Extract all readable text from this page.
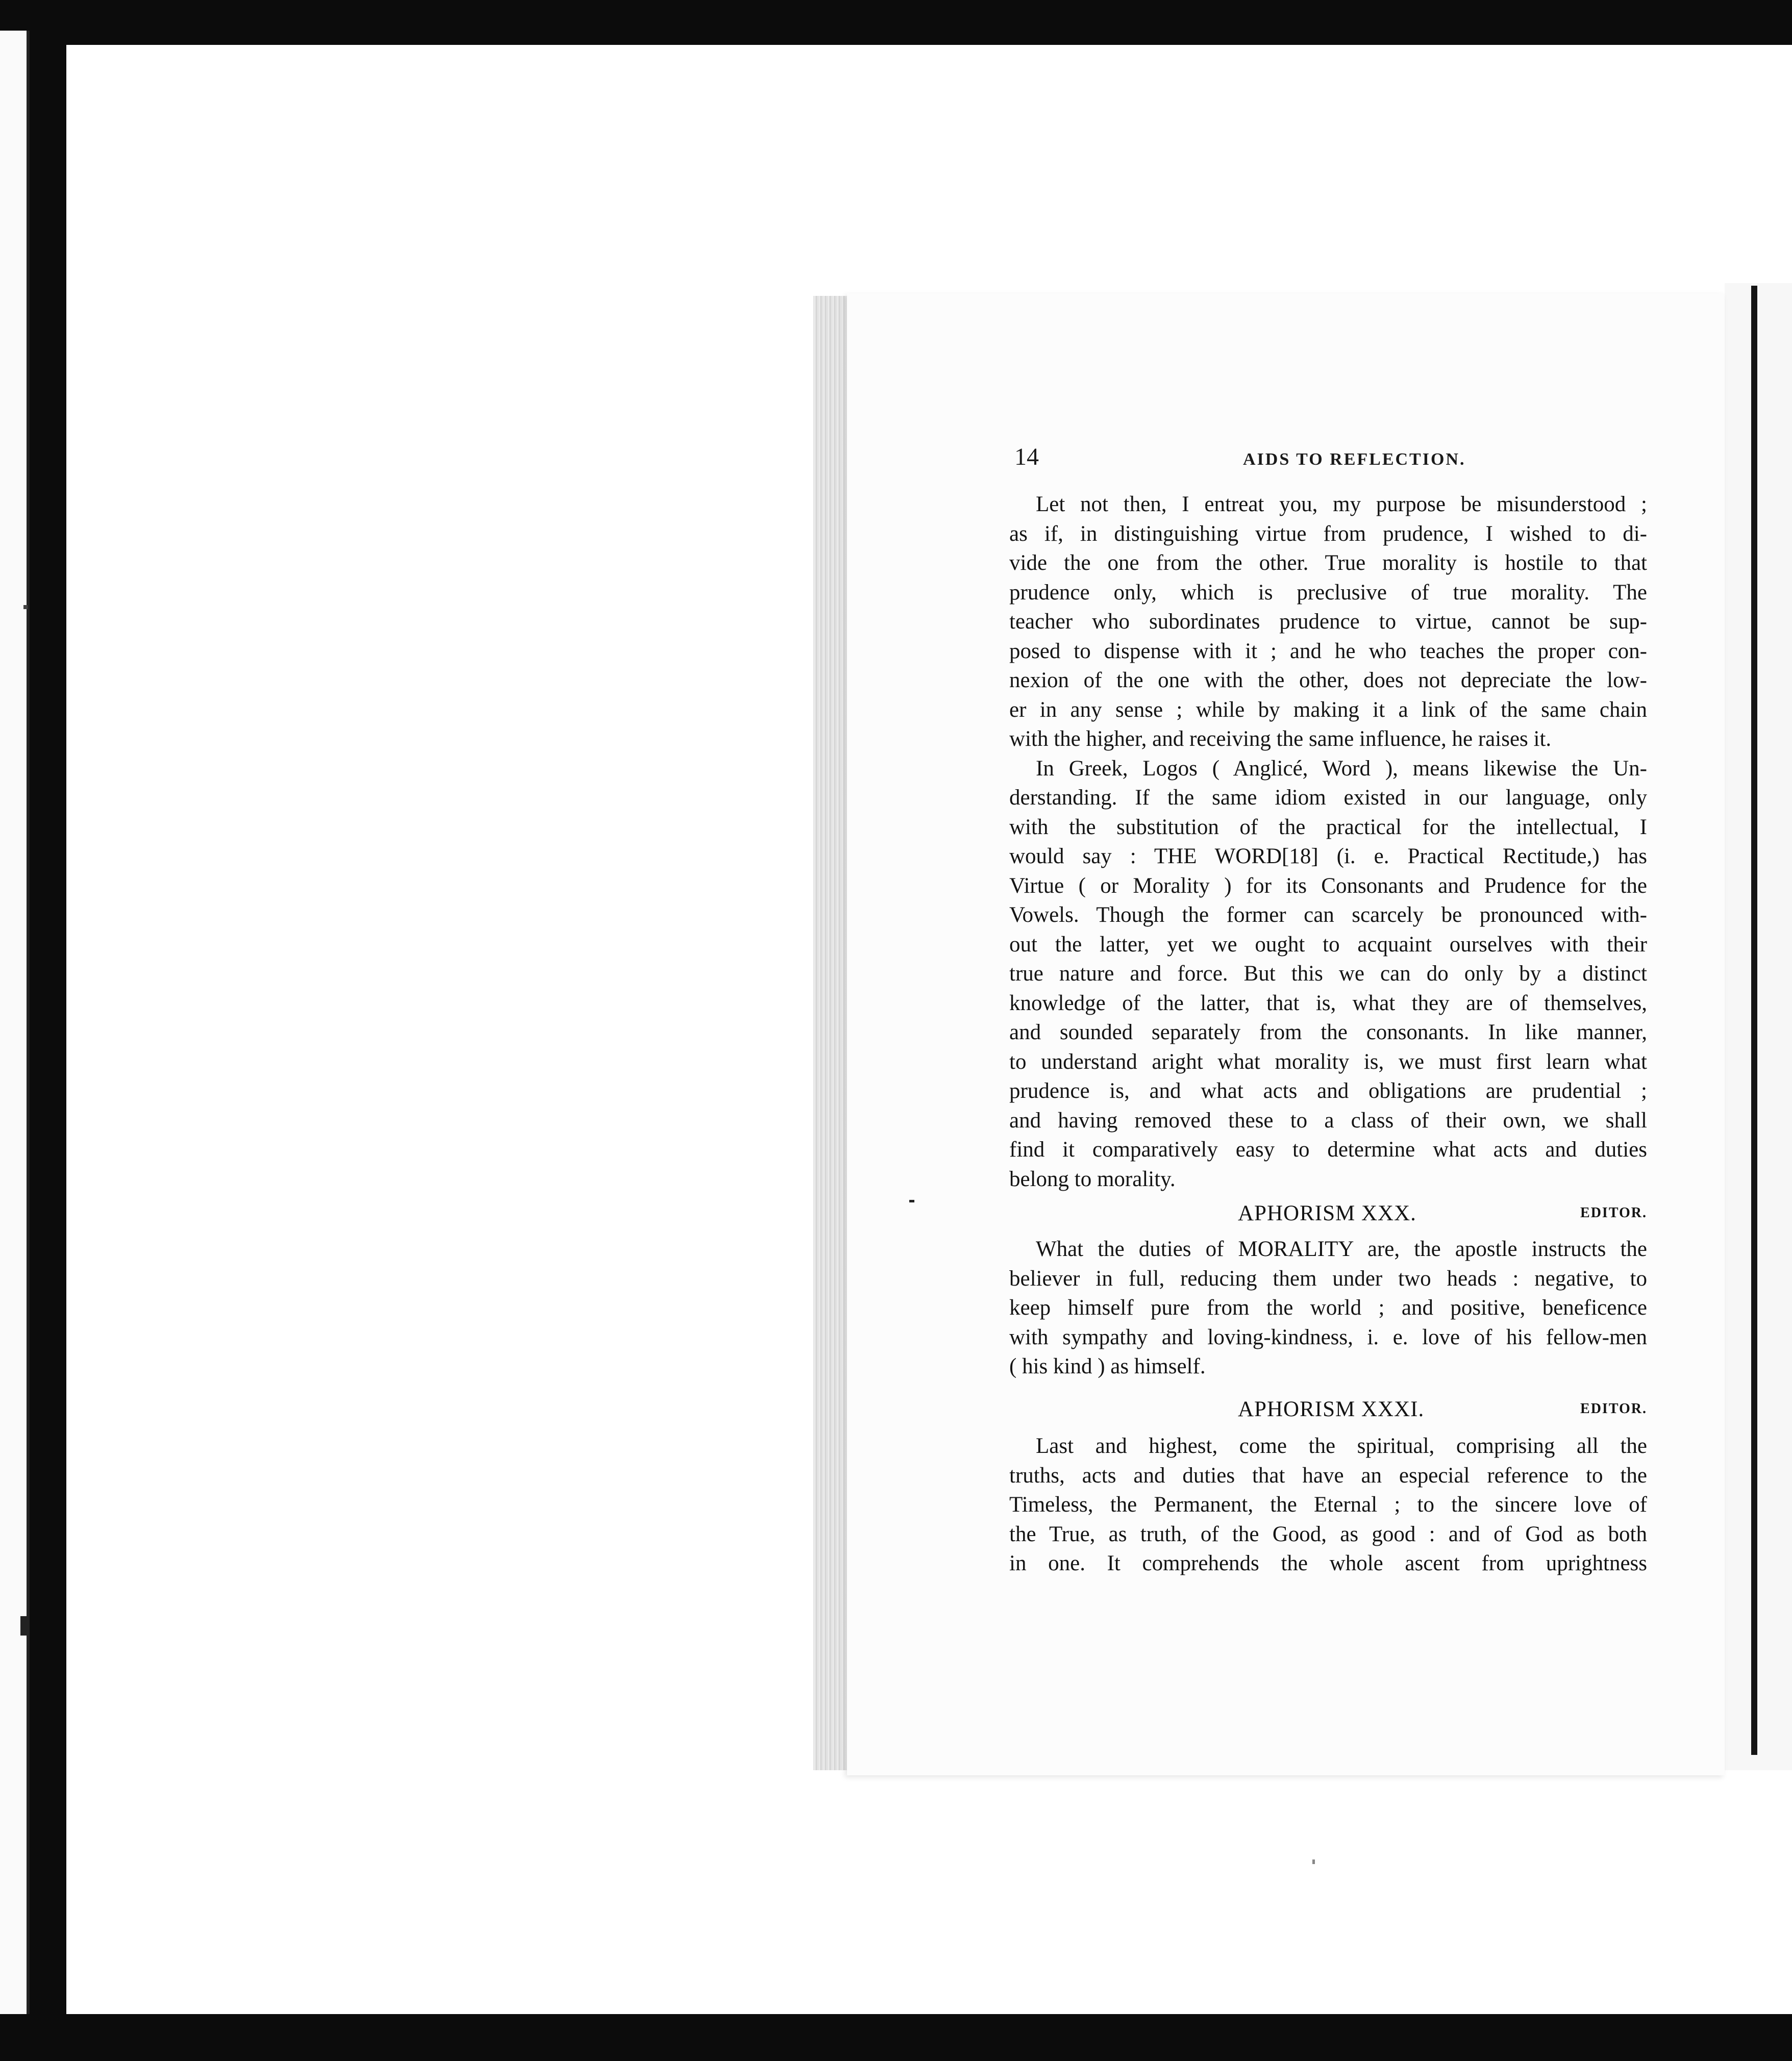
14	AIDS TO REFLECTION.
Let not then, I entreat you, my purpose be misunderstood ;
as if, in distinguishing virtue from prudence, I wished to di-
vide the one from the other. True morality is hostile to that
prudence only, which is preclusive of true morality. The
teacher who subordinates prudence to virtue, cannot be sup-
posed to dispense with it ; and he who teaches the proper con-
nexion of the one with the other, does not depreciate the low-
er in any sense ; while by making it a link of the same chain
with the higher, and receiving the same influence, he raises it.
In Greek, Logos ( Anglicé, Word ), means likewise the Un-
derstanding. If the same idiom existed in our language, only
with the substitution of the practical for the intellectual, I
would say : THE WORD[18] (i. e. Practical Rectitude,) has
Virtue ( or Morality ) for its Consonants and Prudence for the
Vowels. Though the former can scarcely be pronounced with-
out the latter, yet we ought to acquaint ourselves with their
true nature and force. But this we can do only by a distinct
knowledge of the latter, that is, what they are of themselves,
and sounded separately from the consonants. In like manner,
to understand aright what morality is, we must first learn what
prudence is, and what acts and obligations are prudential ;
and having removed these to a class of their own, we shall
find it comparatively easy to determine what acts and duties
belong to morality.
APHORISM XXX.	EDITOR.
What the duties of MORALITY are, the apostle instructs the
believer in full, reducing them under two heads : negative, to
keep himself pure from the world ; and positive, beneficence
with sympathy and loving-kindness, i. e. love of his fellow-men
( his kind ) as himself.
APHORISM XXXI.	EDITOR.
Last and highest, come the spiritual, comprising all the
truths, acts and duties that have an especial reference to the
Timeless, the Permanent, the Eternal ; to the sincere love of
the True, as truth, of the Good, as good : and of God as both
in one. It comprehends the whole ascent from uprightness
